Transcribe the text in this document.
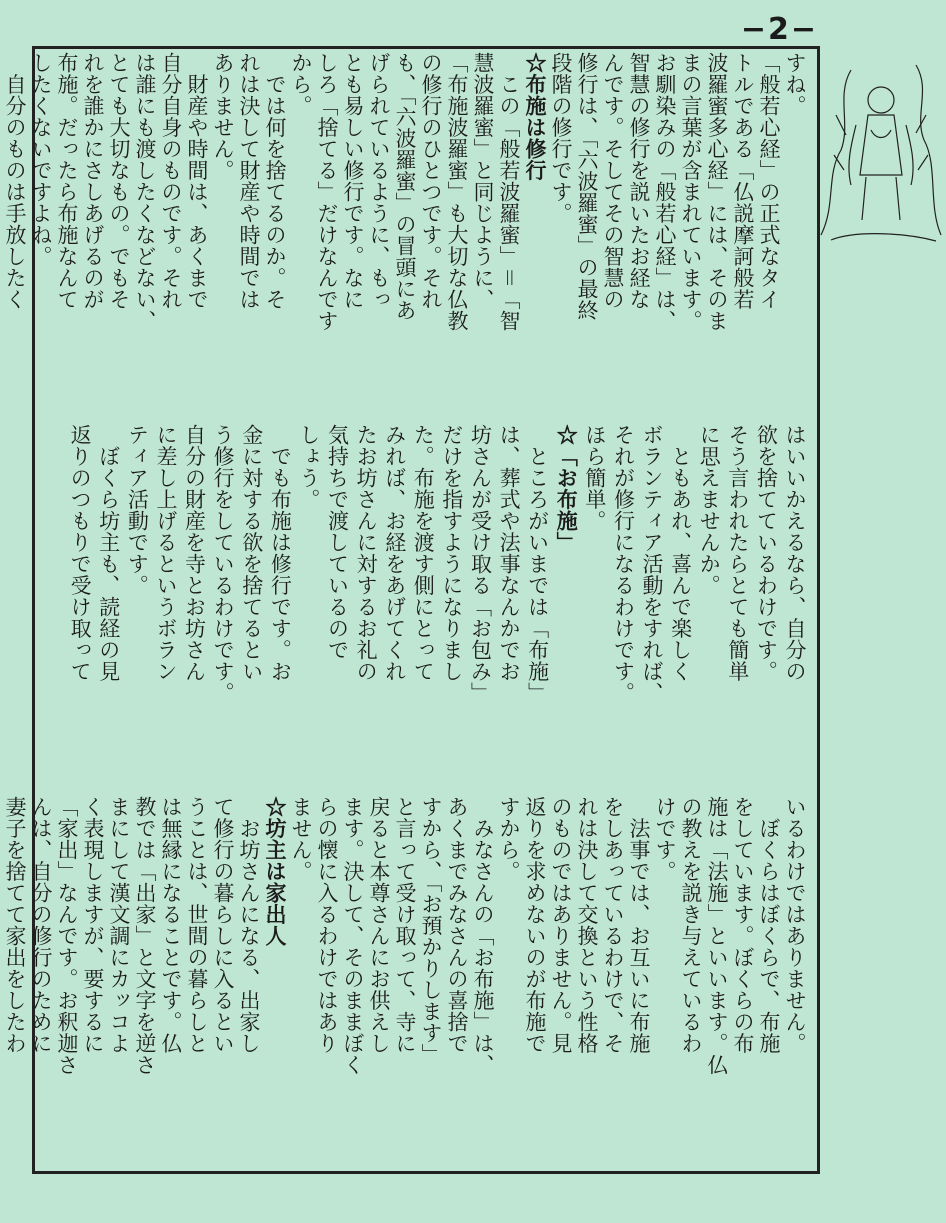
−2−
すね。
「般若心経」の正式なタイ
トルである「仏説摩訶般若
波羅蜜多心経」には、そのま
まの言葉が含まれています。
お馴染みの「般若心経」は、
智慧の修行を説いたお経な
んです。そしてその智慧の
修行は、「六波羅蜜」の最終
段階の修行です。
☆布施は修行
　この「般若波羅蜜」＝「智
慧波羅蜜」と同じように、
「布施波羅蜜」も大切な仏教
の修行のひとつです。それ
も、「六波羅蜜」の冒頭にあ
げられているように、もっ
とも易しい修行です。なに
しろ「捨てる」だけなんです
から。
　では何を捨てるのか。そ
れは決して財産や時間では
ありません。
　財産や時間は、あくまで
自分自身のものです。それ
は誰にも渡したくなどない、
とても大切なもの。でもそ
れを誰かにさしあげるのが
布施。だったら布施なんて
したくないですよね。
　自分のものは手放したく
はいいかえるなら、自分の
欲を捨てているわけです。
そう言われたらとても簡単
に思えませんか。
　ともあれ、喜んで楽しく
ボランティア活動をすれば、
それが修行になるわけです。
ほら簡単。
☆「お布施」
　ところがいまでは「布施」
は、葬式や法事なんかでお
坊さんが受け取る「お包み」
だけを指すようになりまし
た。布施を渡す側にとって
みれば、お経をあげてくれ
たお坊さんに対するお礼の
気持ちで渡しているので
しょう。
　でも布施は修行です。お
金に対する欲を捨てるとい
う修行をしているわけです。
自分の財産を寺とお坊さん
に差し上げるというボラン
ティア活動です。
　ぼくら坊主も、読経の見
返りのつもりで受け取って
いるわけではありません。
　ぼくらはぼくらで、布施
をしています。ぼくらの布
施は「法施」といいます。仏
の教えを説き与えているわ
けです。
　法事では、お互いに布施
をしあっているわけで、そ
れは決して交換という性格
のものではありません。見
返りを求めないのが布施で
すから。
　みなさんの「お布施」は、
あくまでみなさんの喜捨で
すから、「お預かりします」
と言って受け取って、寺に
戻ると本尊さんにお供えし
ます。決して、そのままぼく
らの懐に入るわけではあり
ません。
☆坊主は家出人
　お坊さんになる、出家し
て修行の暮らしに入るとい
うことは、世間の暮らしと
は無縁になることです。仏
教では「出家」と文字を逆さ
まにして漢文調にカッコよ
く表現しますが、要するに
「家出」なんです。お釈迦さ
んは、自分の修行のために
妻子を捨てて家出をしたわ
